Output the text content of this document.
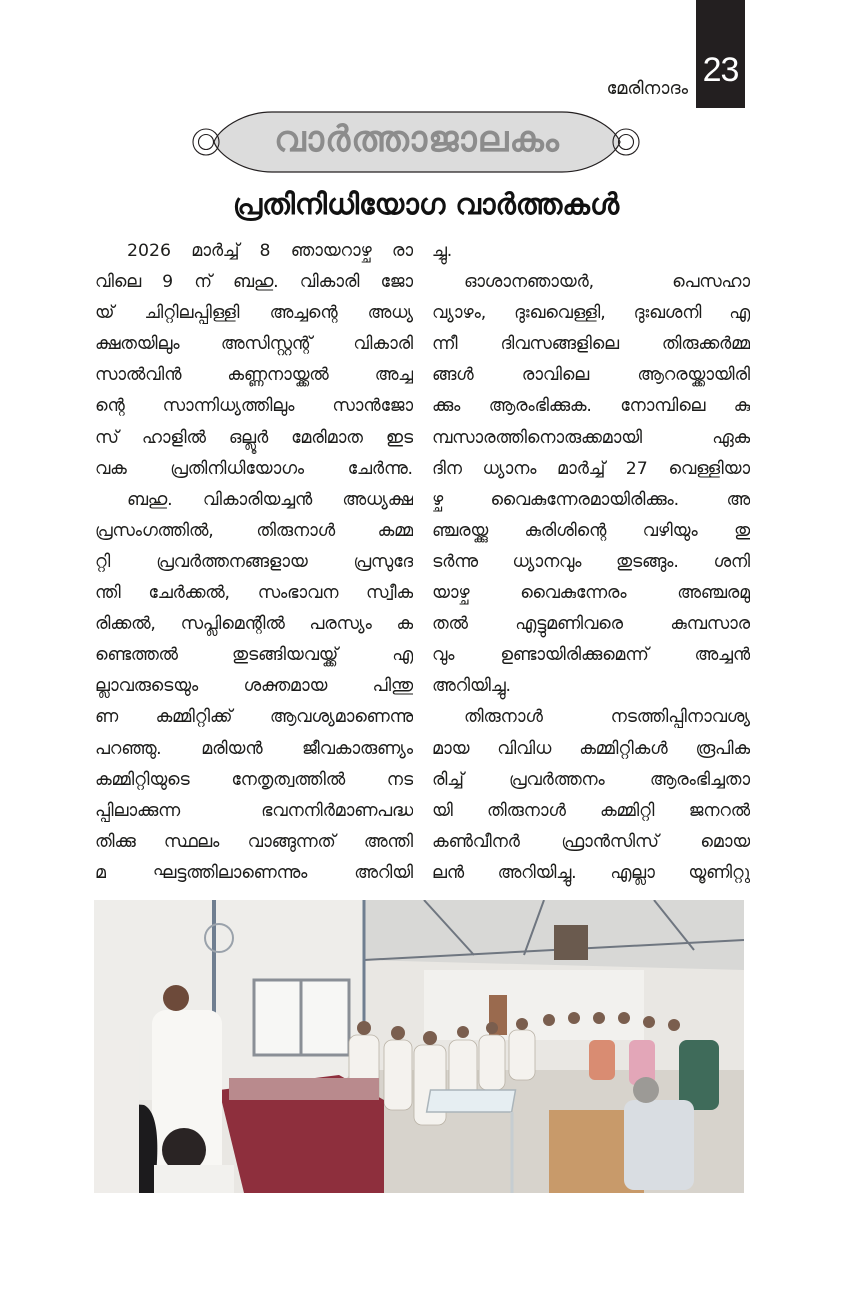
23
മേരിനാദം
വാർത്താജാലകം
പ്രതിനിധിയോഗ വാർത്തകൾ
2026 മാർച്ച് 8 ഞായറാഴ്ച രാ
വിലെ 9 ന് ബഹു. വികാരി ജോ
യ് ചിറ്റിലപ്പിള്ളി അച്ചന്റെ അധ്യ
ക്ഷതയിലും അസിസ്റ്റന്റ് വികാരി
സാൽവിൻ കണ്ണനായ്ക്കൽ അച്ച
ന്റെ സാന്നിധ്യത്തിലും സാൻജോ
സ് ഹാളിൽ ഒല്ലൂർ മേരിമാത ഇട
വക പ്രതിനിധിയോഗം ചേർന്നു.
ബഹു. വികാരിയച്ചൻ അധ്യക്ഷ
പ്രസംഗത്തിൽ, തിരുനാൾ കമ്മ
റ്റി പ്രവർത്തനങ്ങളായ പ്രസുദേ
ന്തി ചേർക്കൽ, സംഭാവന സ്വീക
രിക്കൽ, സപ്ലിമെന്റിൽ പരസ്യം ക
ണ്ടെത്തൽ തുടങ്ങിയവയ്ക്ക് എ
ല്ലാവരുടെയും ശക്തമായ പിന്തു
ണ കമ്മിറ്റിക്ക് ആവശ്യമാണെന്നു
പറഞ്ഞു. മരിയൻ ജീവകാരുണ്യം
കമ്മിറ്റിയുടെ നേതൃത്വത്തിൽ നട
പ്പിലാക്കുന്ന ഭവനനിർമാണപദ്ധ
തിക്കു സ്ഥലം വാങ്ങുന്നത് അന്തി
മ ഘട്ടത്തിലാണെന്നും അറിയി
ച്ചു.
ഓശാനഞായർ, പെസഹാ
വ്യാഴം, ദുഃഖവെള്ളി, ദുഃഖശനി എ
ന്നീ ദിവസങ്ങളിലെ തിരുക്കർമ്മ
ങ്ങൾ രാവിലെ ആറരയ്ക്കായിരി
ക്കും ആരംഭിക്കുക. നോമ്പിലെ കു
മ്പസാരത്തിനൊരുക്കമായി ഏക
ദിന ധ്യാനം മാർച്ച് 27 വെള്ളിയാ
ഴ്ച വൈകുന്നേരമായിരിക്കും. അ
ഞ്ചരയ്ക്കു കുരിശിന്റെ വഴിയും തു
ടർന്നു ധ്യാനവും തുടങ്ങും. ശനി
യാഴ്ച വൈകുന്നേരം അഞ്ചരമു
തൽ എട്ടുമണിവരെ കുമ്പസാര
വും ഉണ്ടായിരിക്കുമെന്ന് അച്ചൻ
അറിയിച്ചു.
തിരുനാൾ നടത്തിപ്പിനാവശ്യ
മായ വിവിധ കമ്മിറ്റികൾ രൂപിക
രിച്ച് പ്രവർത്തനം ആരംഭിച്ചതാ
യി തിരുനാൾ കമ്മിറ്റി ജനറൽ
കൺവീനർ ഫ്രാൻസിസ് മൊയ
ലൻ അറിയിച്ചു. എല്ലാ യൂണിറ്റു
